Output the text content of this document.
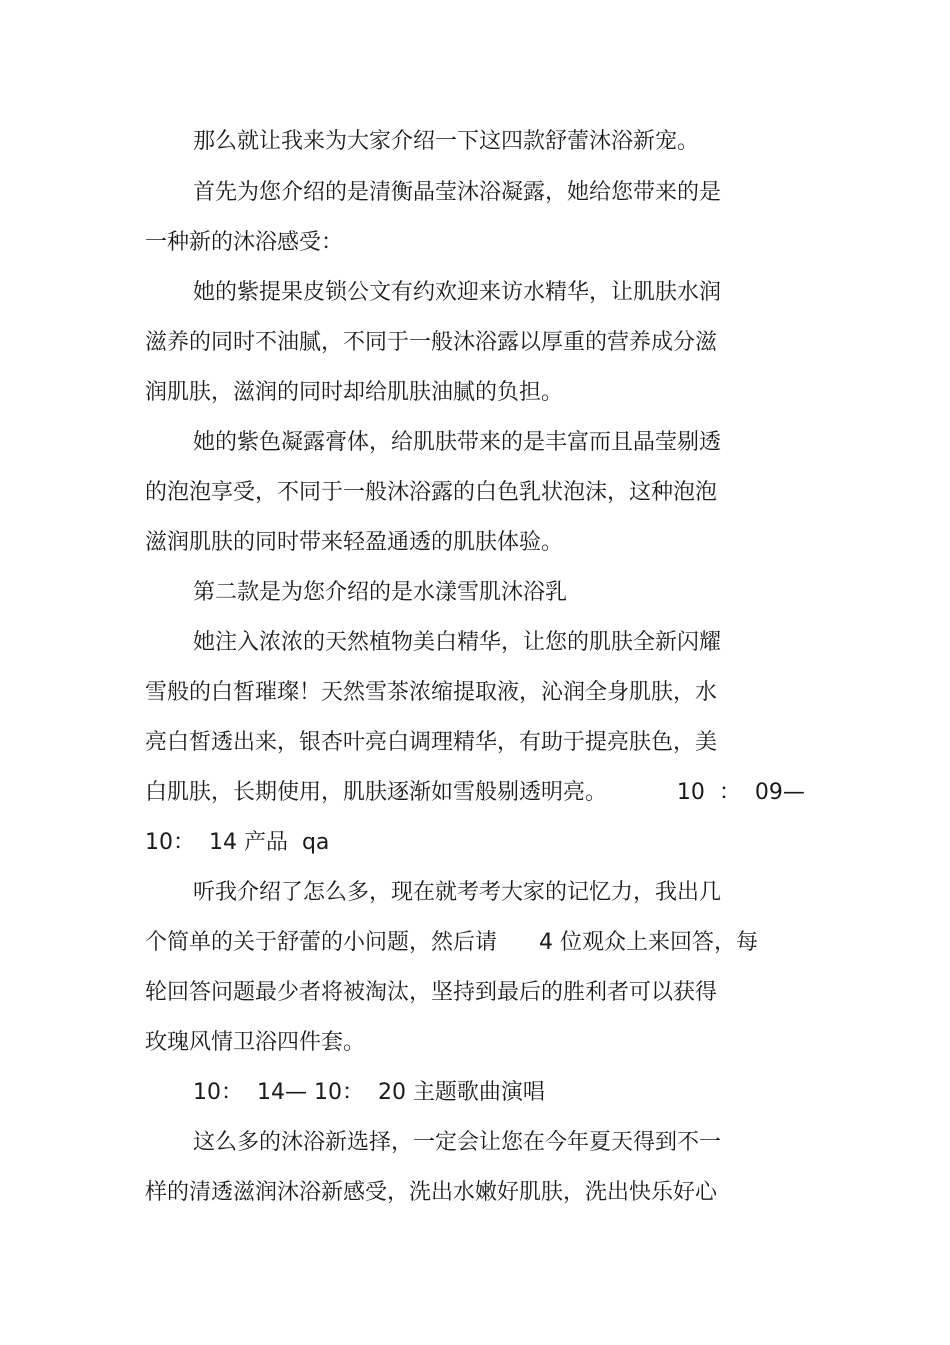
那么就让我来为大家介绍一下这四款舒蕾沐浴新宠。

首先为您介绍的是清衡晶莹沐浴凝露，她给您带来的是

一种新的沐浴感受：

她的紫提果皮锁公文有约欢迎来访水精华，让肌肤水润

滋养的同时不油腻，不同于一般沐浴露以厚重的营养成分滋

润肌肤，滋润的同时却给肌肤油腻的负担。

她的紫色凝露膏体，给肌肤带来的是丰富而且晶莹剔透

的泡泡享受，不同于一般沐浴露的白色乳状泡沫，这种泡泡

滋润肌肤的同时带来轻盈通透的肌肤体验。

第二款是为您介绍的是水漾雪肌沐浴乳

她注入浓浓的天然植物美白精华，让您的肌肤全新闪耀

雪般的白皙璀璨！天然雪茶浓缩提取液，沁润全身肌肤，水

亮白皙透出来，银杏叶亮白调理精华，有助于提亮肤色，美

白肌肤，长期使用，肌肤逐渐如雪般剔透明亮。          10  ：  09—

10：  14 产品  qa

听我介绍了怎么多，现在就考考大家的记忆力，我出几

个简单的关于舒蕾的小问题，然后请      4 位观众上来回答，每

轮回答问题最少者将被淘汰，坚持到最后的胜利者可以获得

玫瑰风情卫浴四件套。

10：  14— 10：  20 主题歌曲演唱

这么多的沐浴新选择，一定会让您在今年夏天得到不一

样的清透滋润沐浴新感受，洗出水嫩好肌肤，洗出快乐好心
